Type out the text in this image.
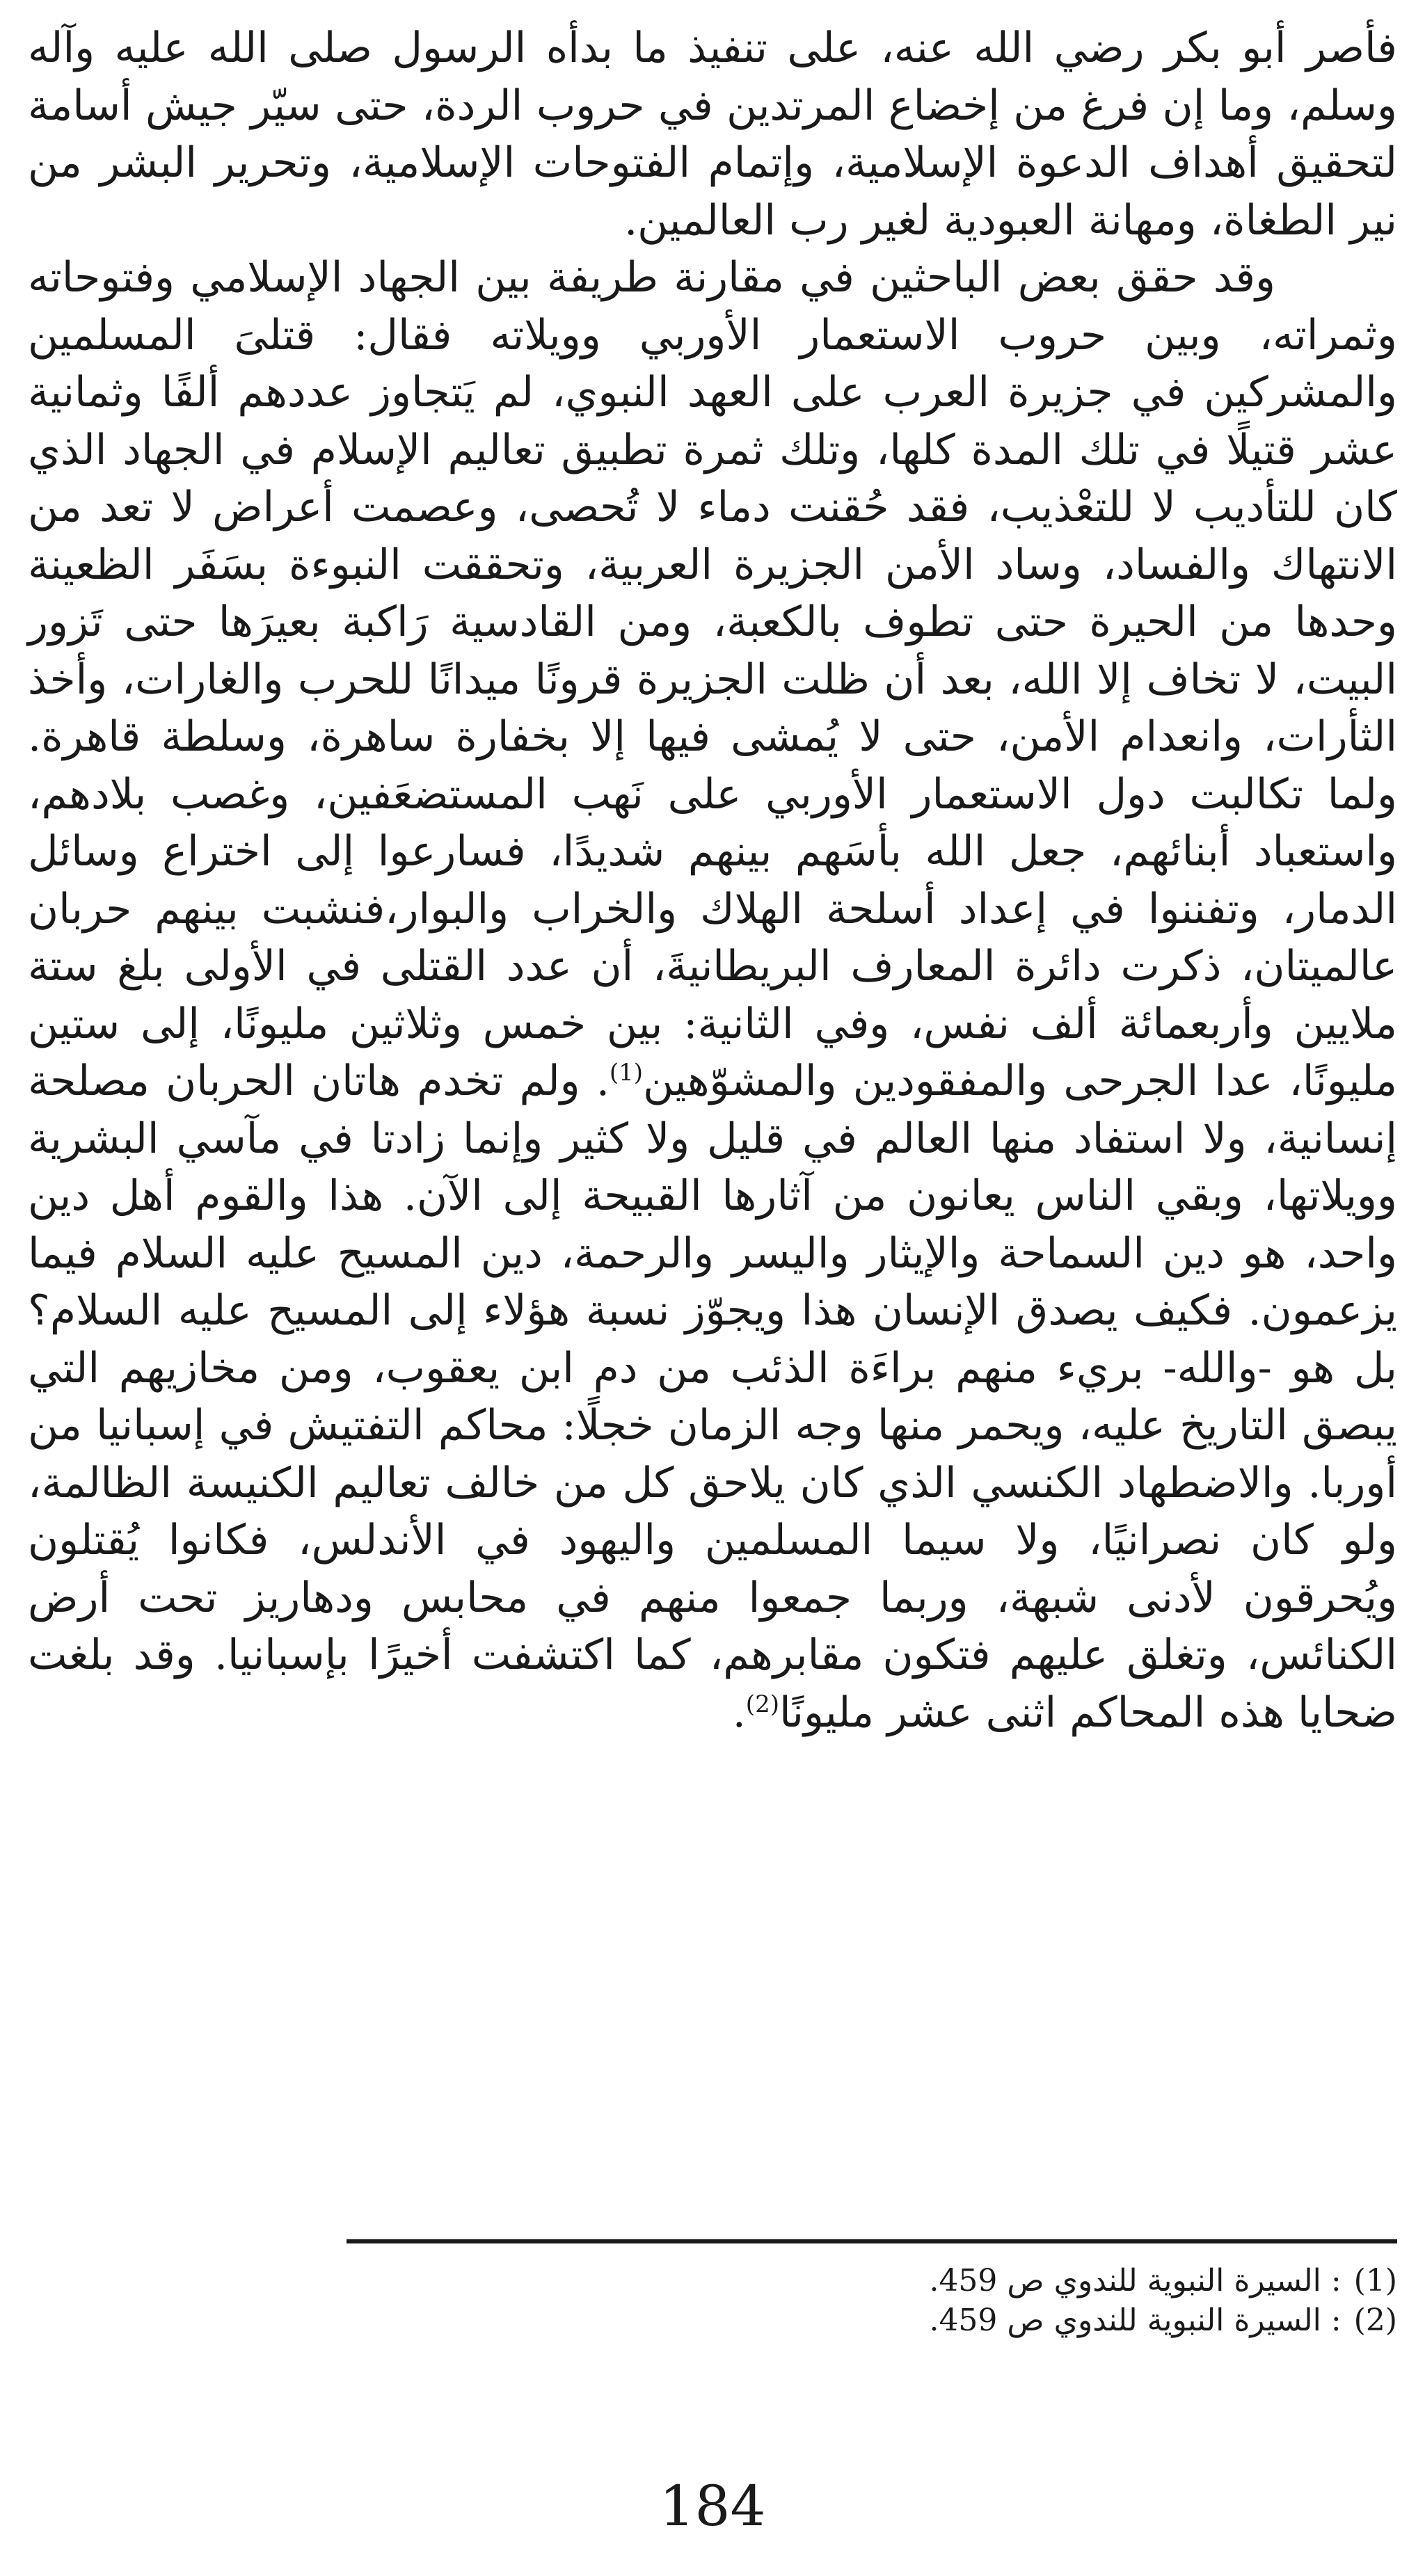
فأصر أبو بكر رضي الله عنه، على تنفيذ ما بدأه الرسول صلى الله عليه وآله وسلم، وما إن فرغ من إخضاع المرتدين في حروب الردة، حتى سيّر جيش أسامة لتحقيق أهداف الدعوة الإسلامية، وإتمام الفتوحات الإسلامية، وتحرير البشر من نير الطغاة، ومهانة العبودية لغير رب العالمين.

وقد حقق بعض الباحثين في مقارنة طريفة بين الجهاد الإسلامي وفتوحاته وثمراته، وبين حروب الاستعمار الأوربي وويلاته فقال: قتلىَ المسلمين والمشركين في جزيرة العرب على العهد النبوي، لم يَتجاوز عددهم ألفًا وثمانية عشر قتيلًا في تلك المدة كلها، وتلك ثمرة تطبيق تعاليم الإسلام في الجهاد الذي كان للتأديب لا للتعْذيب، فقد حُقنت دماء لا تُحصى، وعصمت أعراض لا تعد من الانتهاك والفساد، وساد الأمن الجزيرة العربية، وتحققت النبوءة بسَفَر الظعينة وحدها من الحيرة حتى تطوف بالكعبة، ومن القادسية رَاكبة بعيرَها حتى تَزور البيت، لا تخاف إلا الله، بعد أن ظلت الجزيرة قرونًا ميدانًا للحرب والغارات، وأخذ الثأرات، وانعدام الأمن، حتى لا يُمشى فيها إلا بخفارة ساهرة، وسلطة قاهرة. ولما تكالبت دول الاستعمار الأوربي على نَهب المستضعَفين، وغصب بلادهم، واستعباد أبنائهم، جعل الله بأسَهم بينهم شديدًا، فسارعوا إلى اختراع وسائل الدمار، وتفننوا في إعداد أسلحة الهلاك والخراب والبوار،فنشبت بينهم حربان عالميتان، ذكرت دائرة المعارف البريطانيةَ، أن عدد القتلى في الأولى بلغ ستة ملايين وأربعمائة ألف نفس، وفي الثانية: بين خمس وثلاثين مليونًا، إلى ستين مليونًا، عدا الجرحى والمفقودين والمشوّهين$^{(1)}$. ولم تخدم هاتان الحربان مصلحة إنسانية، ولا استفاد منها العالم في قليل ولا كثير وإنما زادتا في مآسي البشرية وويلاتها، وبقي الناس يعانون من آثارها القبيحة إلى الآن. هذا والقوم أهل دين واحد، هو دين السماحة والإيثار واليسر والرحمة، دين المسيح عليه السلام فيما يزعمون. فكيف يصدق الإنسان هذا ويجوّز نسبة هؤلاء إلى المسيح عليه السلام؟ بل هو -والله- بريء منهم براءَة الذئب من دم ابن يعقوب، ومن مخازيهم التي يبصق التاريخ عليه، ويحمر منها وجه الزمان خجلًا: محاكم التفتيش في إسبانيا من أوربا. والاضطهاد الكنسي الذي كان يلاحق كل من خالف تعاليم الكنيسة الظالمة، ولو كان نصرانيًا، ولا سيما المسلمين واليهود في الأندلس، فكانوا يُقتلون ويُحرقون لأدنى شبهة، وربما جمعوا منهم في محابس ودهاريز تحت أرض الكنائس، وتغلق عليهم فتكون مقابرهم، كما اكتشفت أخيرًا بإسبانيا. وقد بلغت ضحايا هذه المحاكم اثنى عشر مليونًا$^{(2)}$.

(1)
: السيرة النبوية للندوي ص 459.
(2)
: السيرة النبوية للندوي ص 459.
184
